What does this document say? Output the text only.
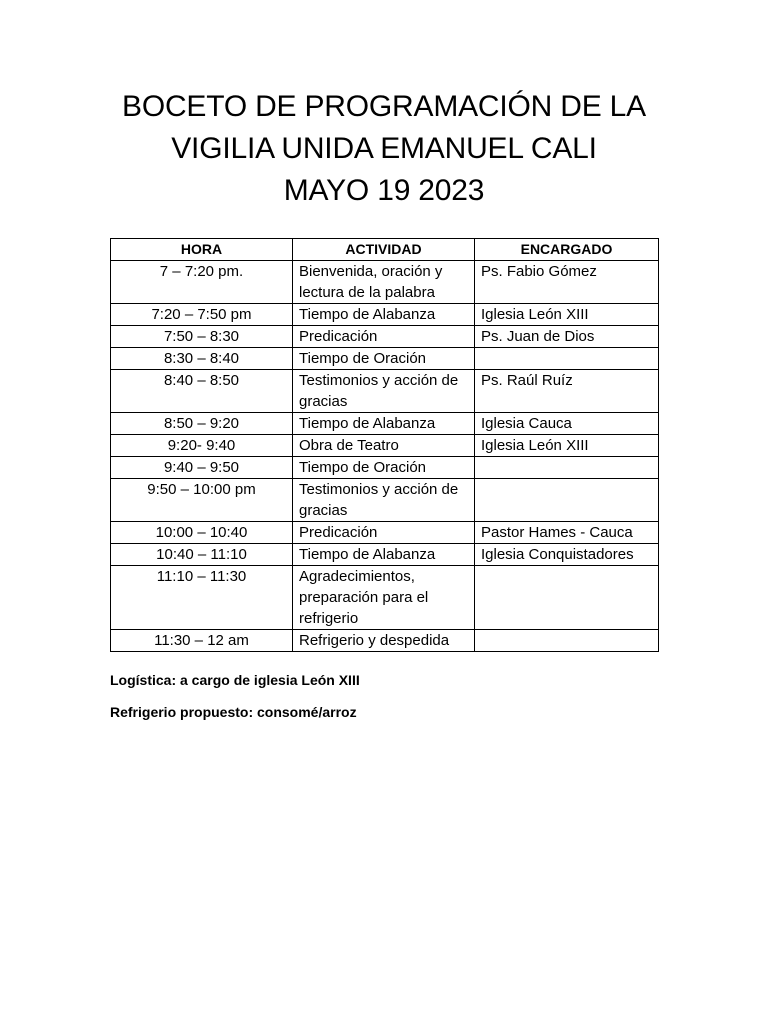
BOCETO DE PROGRAMACIÓN DE LA
VIGILIA UNIDA EMANUEL CALI
MAYO 19 2023
HORA	ACTIVIDAD	ENCARGADO
7 – 7:20 pm.	Bienvenida, oración y lectura de la palabra	Ps. Fabio Gómez
7:20 – 7:50 pm	Tiempo de Alabanza	Iglesia León XIII
7:50 – 8:30	Predicación	Ps. Juan de Dios
8:30 – 8:40	Tiempo de Oración	
8:40 – 8:50	Testimonios y acción de gracias	Ps. Raúl Ruíz
8:50 – 9:20	Tiempo de Alabanza	Iglesia Cauca
9:20- 9:40	Obra de Teatro	Iglesia León XIII
9:40 – 9:50	Tiempo de Oración	
9:50 – 10:00 pm	Testimonios y acción de gracias	
10:00 – 10:40	Predicación	Pastor Hames - Cauca
10:40 – 11:10	Tiempo de Alabanza	Iglesia Conquistadores
11:10 – 11:30	Agradecimientos, preparación para el refrigerio	
11:30 – 12 am	Refrigerio y despedida	

Logística: a cargo de iglesia León XIII

Refrigerio propuesto: consomé/arroz
